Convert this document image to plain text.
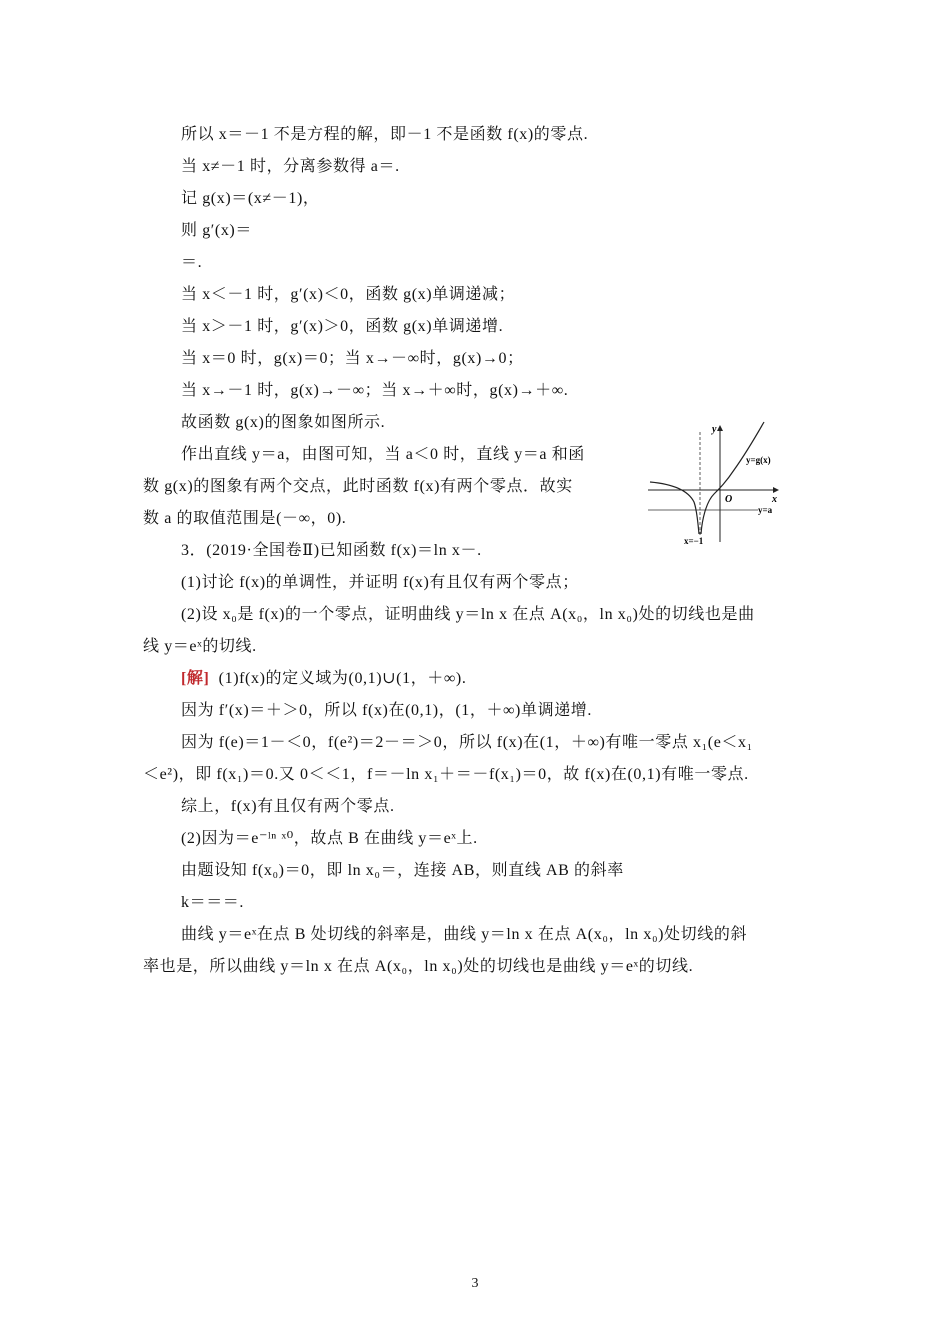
所以 x＝－1 不是方程的解，即－1 不是函数 f(x)的零点.
当 x≠－1 时，分离参数得 a＝.
记 g(x)＝(x≠－1)，
则 g′(x)＝
＝.
当 x＜－1 时，g′(x)＜0，函数 g(x)单调递减；
当 x＞－1 时，g′(x)＞0，函数 g(x)单调递增.
当 x＝0 时，g(x)＝0；当 x→－∞时，g(x)→0；
当 x→－1 时，g(x)→－∞；当 x→＋∞时，g(x)→＋∞.
故函数 g(x)的图象如图所示.
作出直线 y＝a，由图可知，当 a＜0 时，直线 y＝a 和函
数 g(x)的图象有两个交点，此时函数 f(x)有两个零点．故实
数 a 的取值范围是(－∞，0).
3．(2019·全国卷Ⅱ)已知函数 f(x)＝ln x－.
(1)讨论 f(x)的单调性，并证明 f(x)有且仅有两个零点；
(2)设 x₀是 f(x)的一个零点，证明曲线 y＝ln x 在点 A(x₀，ln x₀)处的切线也是曲
线 y＝eˣ的切线.
[解] (1)f(x)的定义域为(0,1)∪(1，＋∞).
因为 f′(x)＝＋＞0，所以 f(x)在(0,1)，(1，＋∞)单调递增.
因为 f(e)＝1－＜0，f(e²)＝2－＝＞0，所以 f(x)在(1，＋∞)有唯一零点 x₁(e＜x₁
＜e²)，即 f(x₁)＝0.又 0＜＜1，f＝－ln x₁＋＝－f(x₁)＝0，故 f(x)在(0,1)有唯一零点.
综上，f(x)有且仅有两个零点.
(2)因为＝e⁻ˡⁿ ˣ⁰，故点 B 在曲线 y＝eˣ上.
由题设知 f(x₀)＝0，即 ln x₀＝，连接 AB，则直线 AB 的斜率
k＝＝＝.
曲线 y＝eˣ在点 B 处切线的斜率是，曲线 y＝ln x 在点 A(x₀，ln x₀)处切线的斜
率也是，所以曲线 y＝ln x 在点 A(x₀，ln x₀)处的切线也是曲线 y＝eˣ的切线.
y
x
O
y=g(x)
y=a
x=−1
3
